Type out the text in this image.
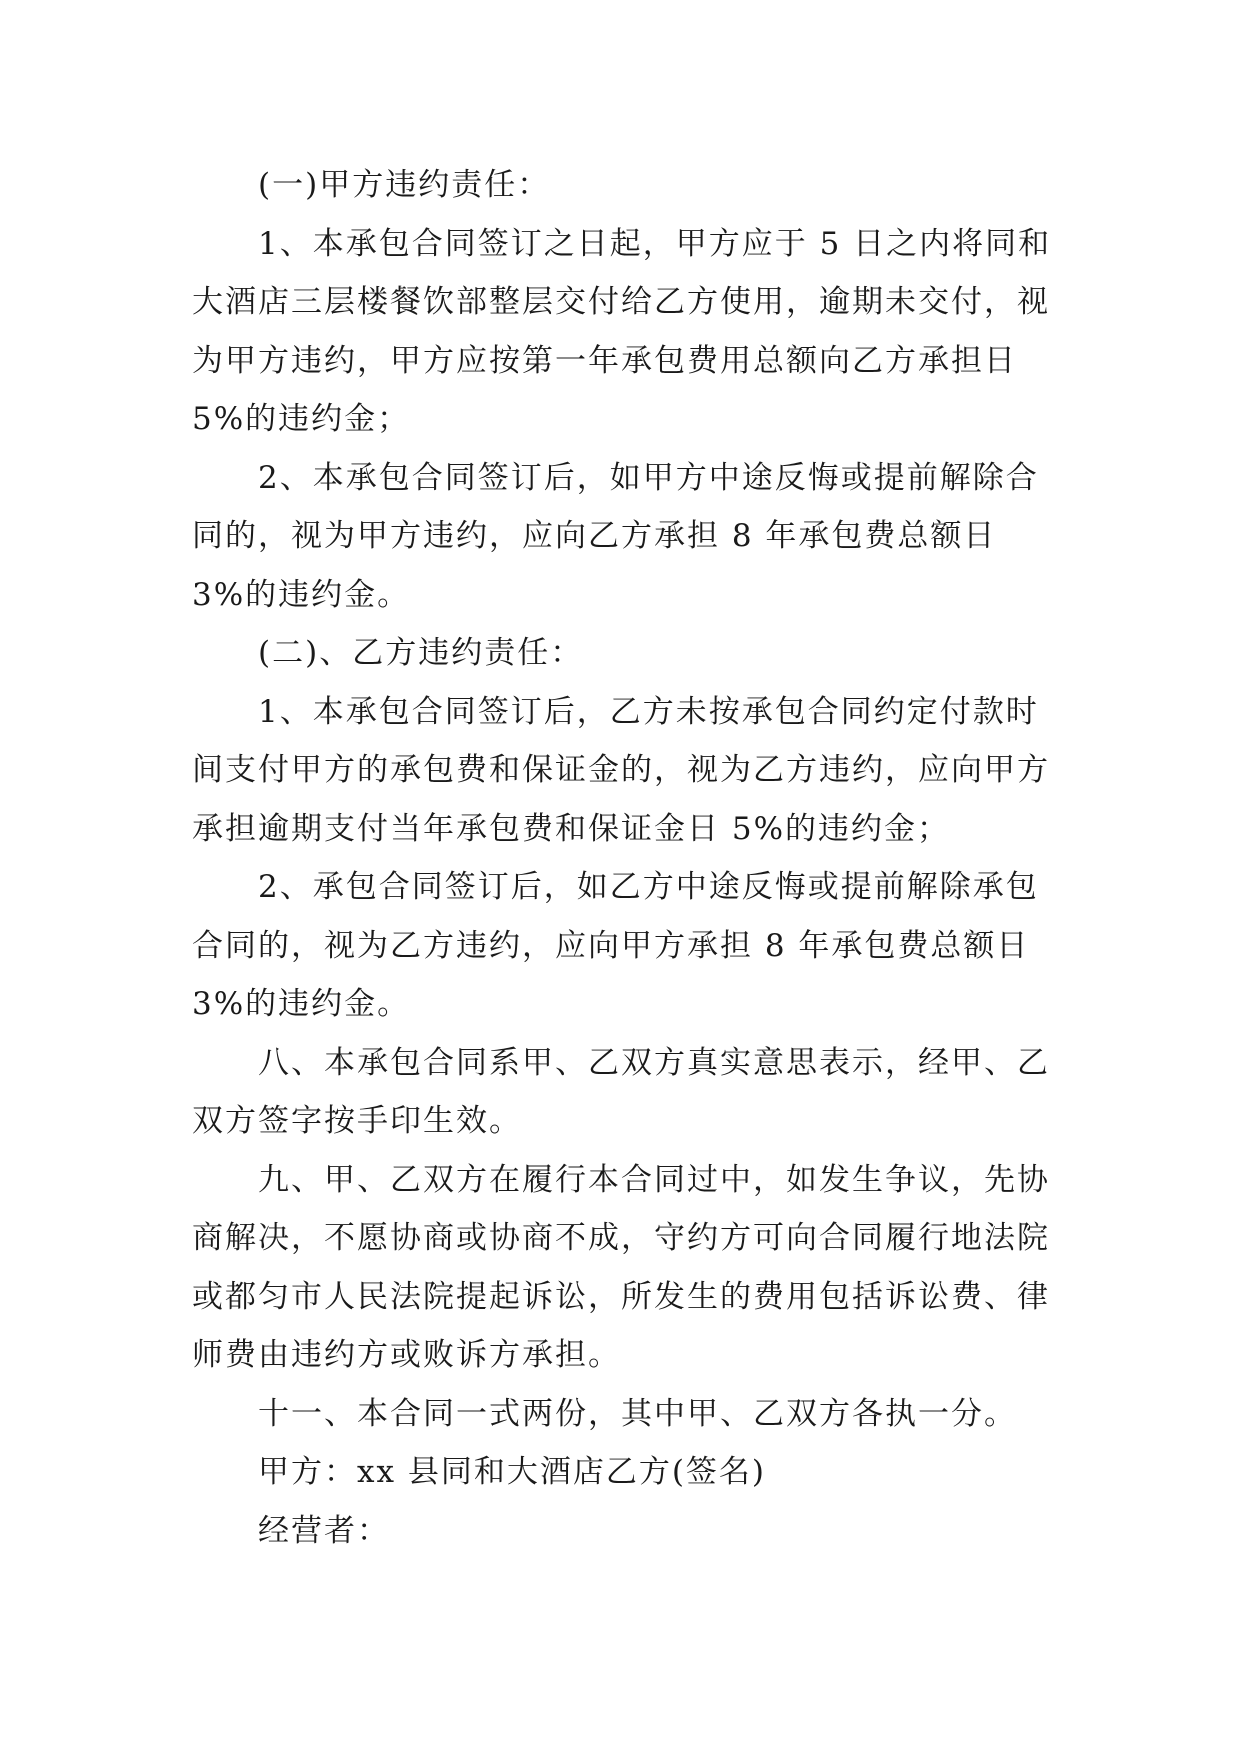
(一)甲方违约责任：

1、本承包合同签订之日起，甲方应于 5 日之内将同和大酒店三层楼餐饮部整层交付给乙方使用，逾期未交付，视为甲方违约，甲方应按第一年承包费用总额向乙方承担日 5%的违约金；

2、本承包合同签订后，如甲方中途反悔或提前解除合同的，视为甲方违约，应向乙方承担 8 年承包费总额日 3%的违约金。

(二)、乙方违约责任：

1、本承包合同签订后，乙方未按承包合同约定付款时间支付甲方的承包费和保证金的，视为乙方违约，应向甲方承担逾期支付当年承包费和保证金日 5%的违约金；

2、承包合同签订后，如乙方中途反悔或提前解除承包合同的，视为乙方违约，应向甲方承担 8 年承包费总额日 3%的违约金。

八、本承包合同系甲、乙双方真实意思表示，经甲、乙双方签字按手印生效。

九、甲、乙双方在履行本合同过中，如发生争议，先协商解决，不愿协商或协商不成，守约方可向合同履行地法院或都匀市人民法院提起诉讼，所发生的费用包括诉讼费、律师费由违约方或败诉方承担。

十一、本合同一式两份，其中甲、乙双方各执一分。

甲方：xx 县同和大酒店乙方(签名)

经营者：
